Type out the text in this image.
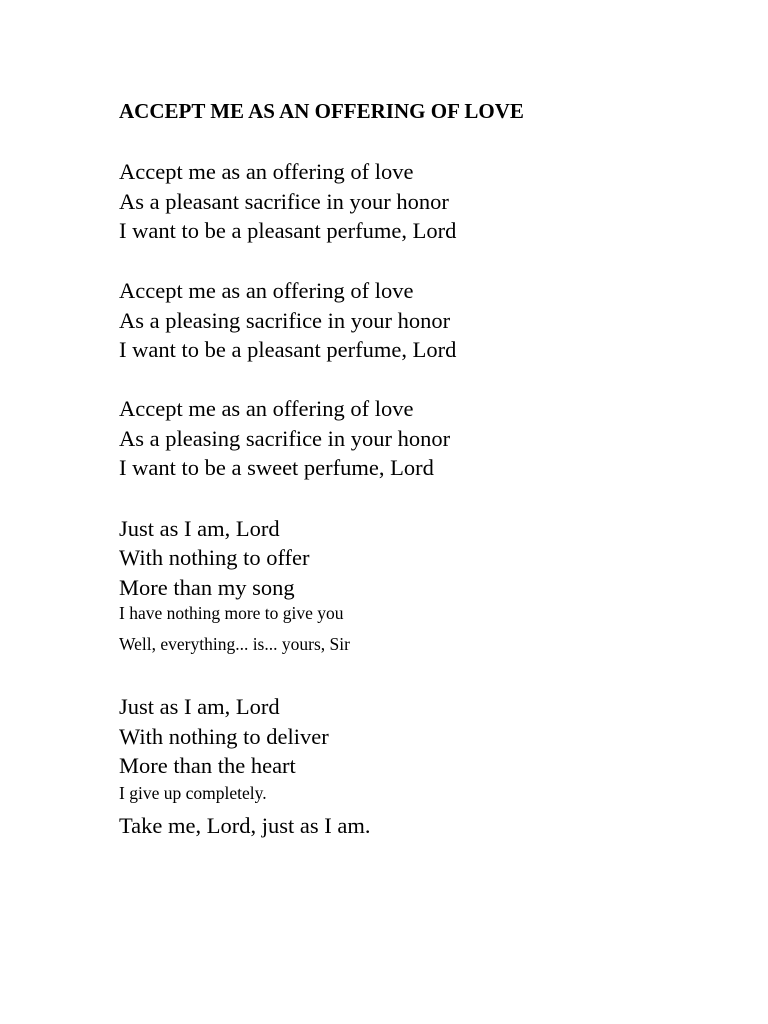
ACCEPT ME AS AN OFFERING OF LOVE
Accept me as an offering of love
As a pleasant sacrifice in your honor
I want to be a pleasant perfume, Lord
Accept me as an offering of love
As a pleasing sacrifice in your honor
I want to be a pleasant perfume, Lord
Accept me as an offering of love
As a pleasing sacrifice in your honor
I want to be a sweet perfume, Lord
Just as I am, Lord
With nothing to offer
More than my song
I have nothing more to give you
Well, everything... is... yours, Sir
Just as I am, Lord
With nothing to deliver
More than the heart
I give up completely.
Take me, Lord, just as I am.
